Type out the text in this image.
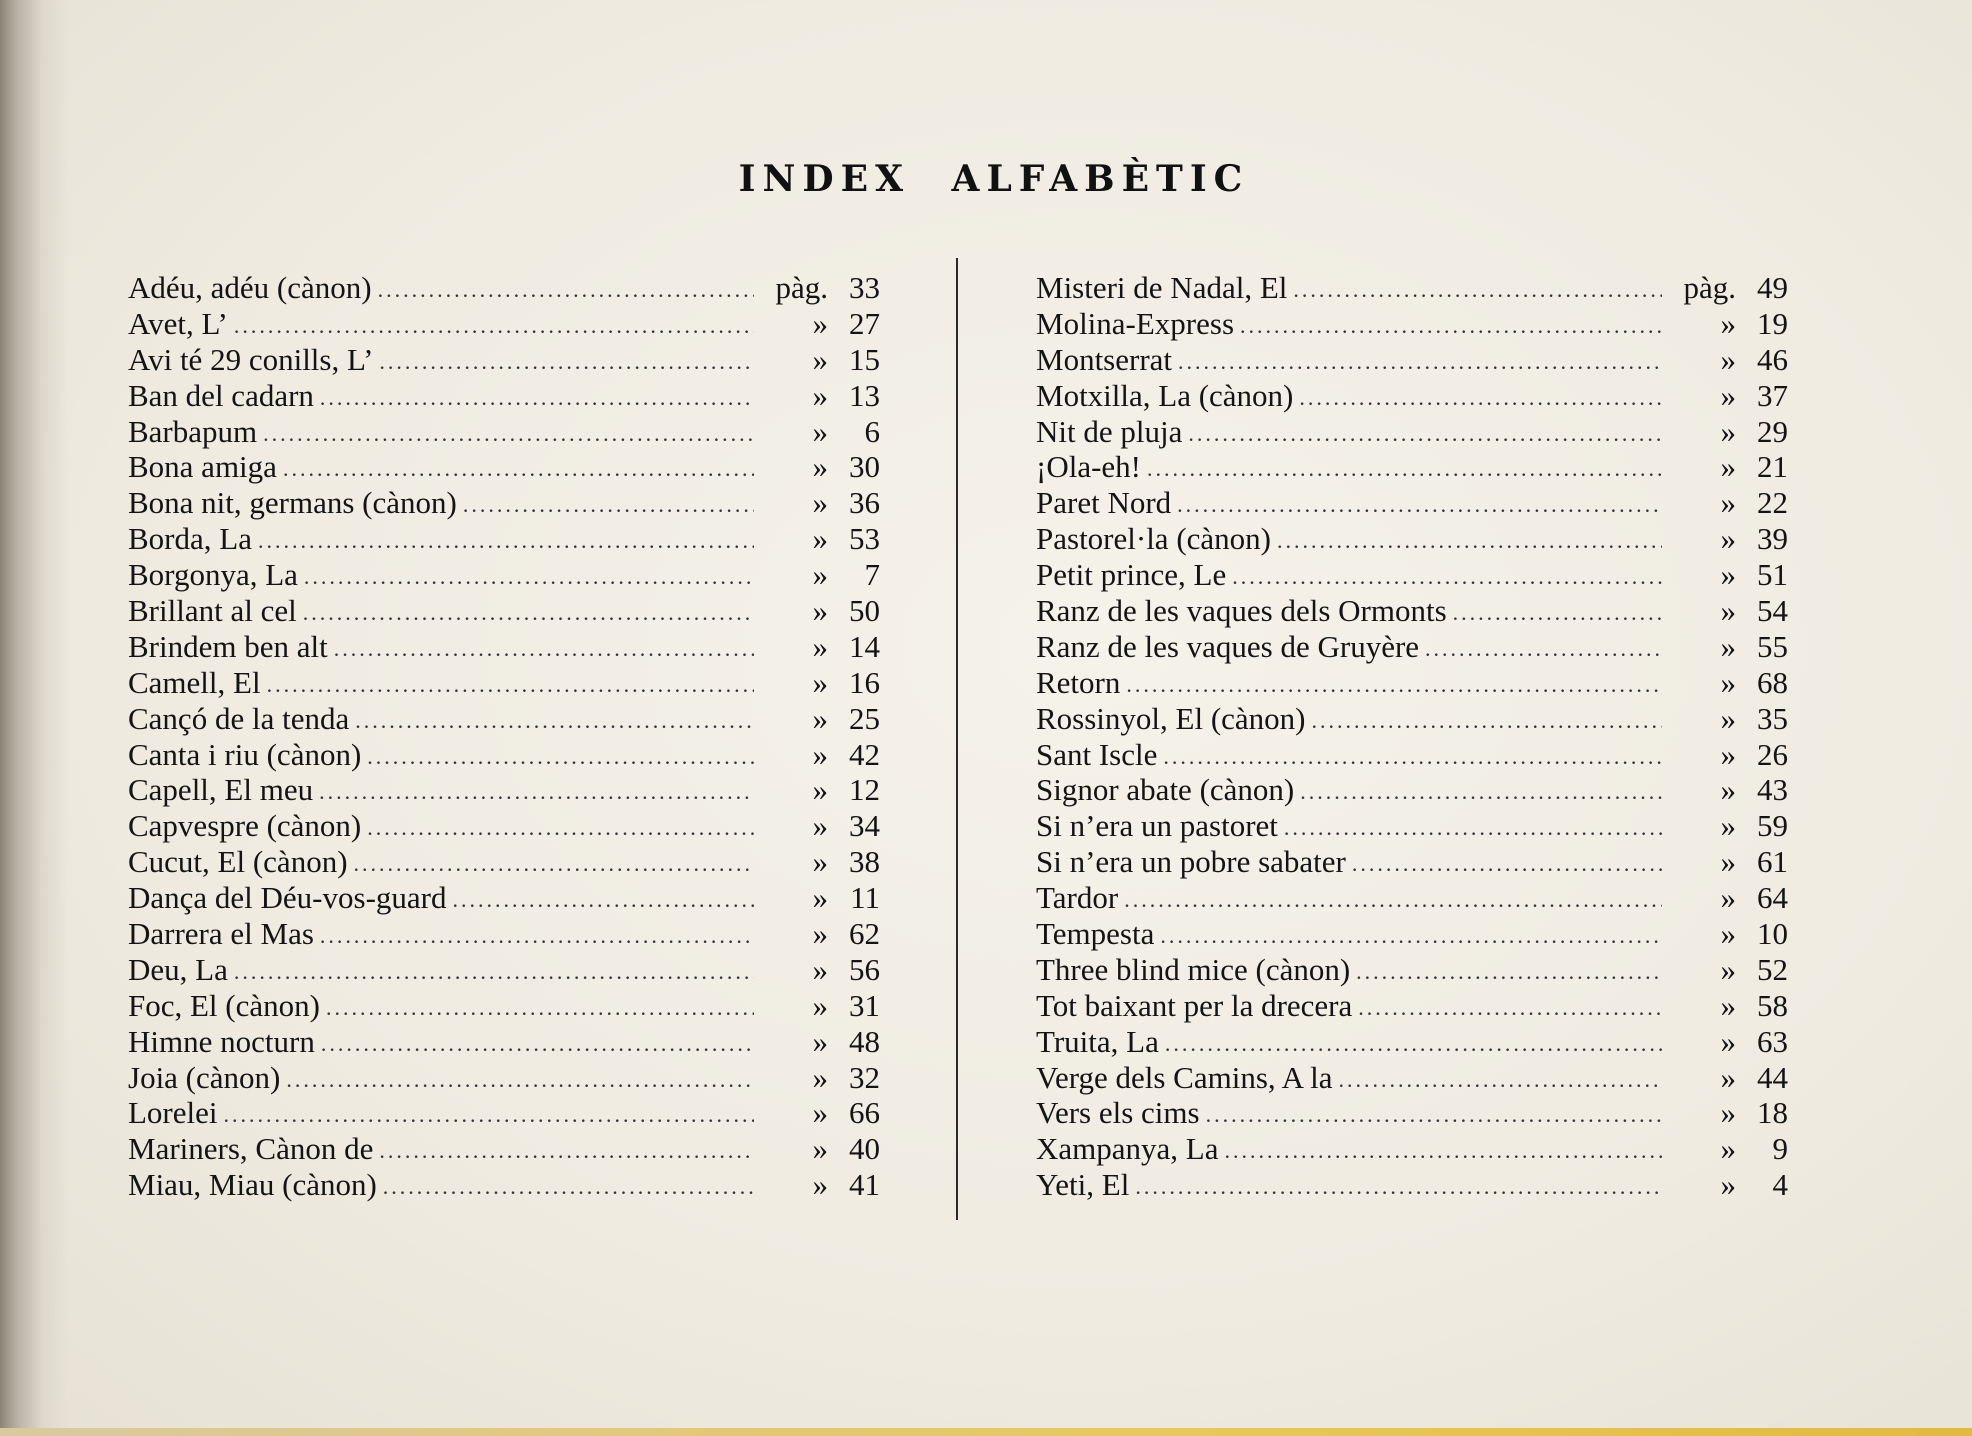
INDEX ALFABÈTIC
Adéu, adéu (cànon) .....	pàg. 33
Avet, L’ .....	» 27
Avi té 29 conills, L’ .....	» 15
Ban del cadarn .....	» 13
Barbapum .....	»	6
Bona amiga .....	» 30
Bona nit, germans (cànon) .....	» 36
Borda, La .....	» 53
Borgonya, La .....	»	7
Brillant al cel .....	» 50
Brindem ben alt .....	» 14
Camell, El .....	» 16
Cançó de la tenda .....	» 25
Canta i riu (cànon) .....	» 42
Capell, El meu .....	» 12
Capvespre (cànon) .....	» 34
Cucut, El (cànon) .....	» 38
Dança del Déu-vos-guard .....	» 11
Darrera el Mas .....	» 62
Deu, La .....	» 56
Foc, El (cànon) .....	» 31
Himne nocturn .....	» 48
Joia (cànon) .....	» 32
Lorelei .....	» 66
Mariners, Cànon de .....	» 40
Miau, Miau (cànon) .....	» 41
Misteri de Nadal, El .....	pàg. 49
Molina-Express .....	» 19
Montserrat .....	» 46
Motxilla, La (cànon) .....	» 37
Nit de pluja .....	» 29
¡Ola-eh! .....	» 21
Paret Nord .....	» 22
Pastorel·la (cànon) .....	» 39
Petit prince, Le .....	» 51
Ranz de les vaques dels Ormonts .....	» 54
Ranz de les vaques de Gruyère .....	» 55
Retorn .....	» 68
Rossinyol, El (cànon) .....	» 35
Sant Iscle .....	» 26
Signor abate (cànon) .....	» 43
Si n’era un pastoret .....	» 59
Si n’era un pobre sabater .....	» 61
Tardor .....	» 64
Tempesta .....	» 10
Three blind mice (cànon) .....	» 52
Tot baixant per la drecera .....	» 58
Truita, La .....	» 63
Verge dels Camins, A la .....	» 44
Vers els cims .....	» 18
Xampanya, La .....	»	9
Yeti, El .....	»	4
